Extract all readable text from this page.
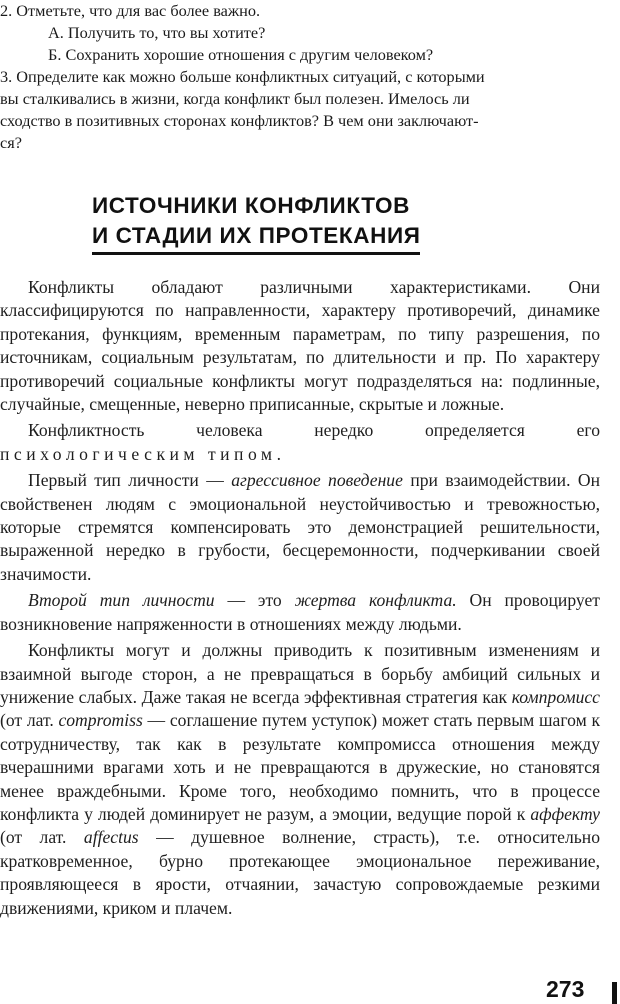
2. Отметьте, что для вас более важно.
А. Получить то, что вы хотите?
Б. Сохранить хорошие отношения с другим человеком?
3. Определите как можно больше конфликтных ситуаций, с которыми
вы сталкивались в жизни, когда конфликт был полезен. Имелось ли
сходство в позитивных сторонах конфликтов? В чем они заключают-
ся?
ИСТОЧНИКИ КОНФЛИКТОВ
И СТАДИИ ИХ ПРОТЕКАНИЯ

Конфликты обладают различными характеристиками. Они классифицируются по направленности, характеру противоречий, динамике протекания, функциям, временным параметрам, по типу разрешения, по источникам, социальным результатам, по длительности и пр. По характеру противоречий социальные конфликты могут подразделяться на: подлинные, случайные, смещенные, неверно приписанные, скрытые и ложные.

Конфликтность человека нередко определяется его психологическим типом.

Первый тип личности — агрессивное поведение при взаимодействии. Он свойственен людям с эмоциональной неустойчивостью и тревожностью, которые стремятся компенсировать это демонстрацией решительности, выраженной нередко в грубости, бесцеремонности, подчеркивании своей значимости.

Второй тип личности — это жертва конфликта. Он провоцирует возникновение напряженности в отношениях между людьми.

Конфликты могут и должны приводить к позитивным изменениям и взаимной выгоде сторон, а не превращаться в борьбу амбиций сильных и унижение слабых. Даже такая не всегда эффективная стратегия как компромисс (от лат. compromiss — соглашение путем уступок) может стать первым шагом к сотрудничеству, так как в результате компромисса отношения между вчерашними врагами хоть и не превращаются в дружеские, но становятся менее враждебными. Кроме того, необходимо помнить, что в процессе конфликта у людей доминирует не разум, а эмоции, ведущие порой к аффекту (от лат. affectus — душевное волнение, страсть), т.е. относительно кратковременное, бурно протекающее эмоциональное переживание, проявляющееся в ярости, отчаянии, зачастую сопровождаемые резкими движениями, криком и плачем.

273
